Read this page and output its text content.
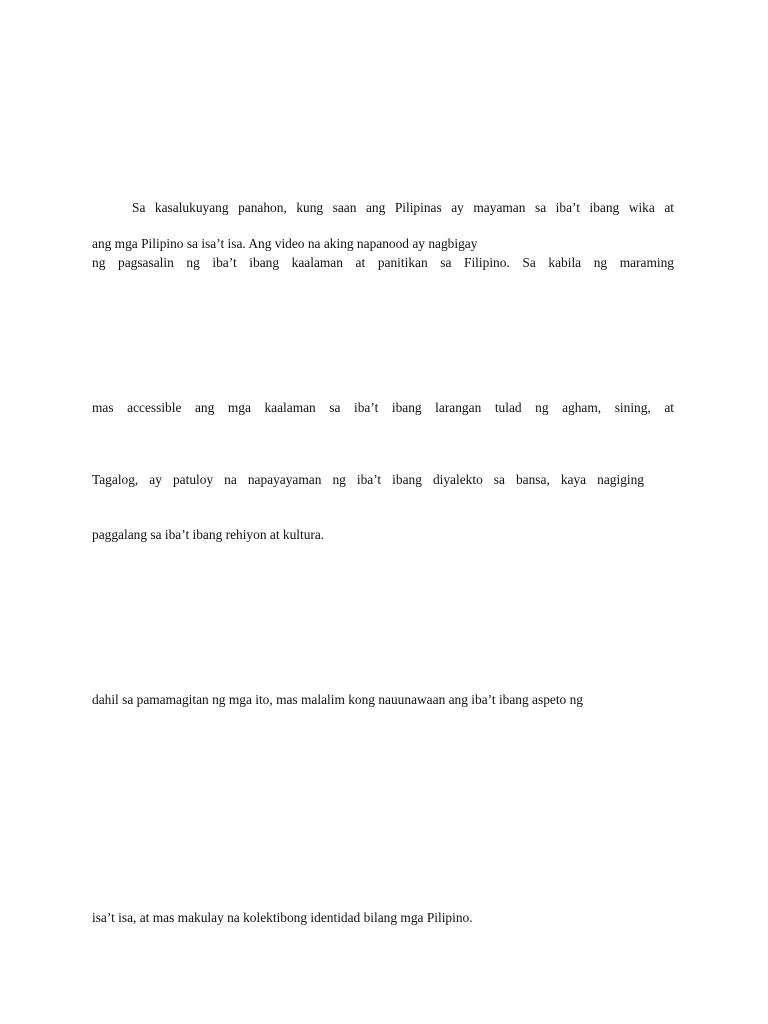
Sa kasalukuyang panahon, kung saan ang Pilipinas ay mayaman sa iba’t ibang wika at

ang mga Pilipino sa isa’t isa. Ang video na aking napanood ay nagbigay

ng pagsasalin ng iba’t ibang kaalaman at panitikan sa Filipino. Sa kabila ng maraming

mas accessible ang mga kaalaman sa iba’t ibang larangan tulad ng agham, sining, at

Tagalog, ay patuloy na napayayaman ng iba’t ibang diyalekto sa bansa, kaya nagiging

paggalang sa iba’t ibang rehiyon at kultura.

dahil sa pamamagitan ng mga ito, mas malalim kong nauunawaan ang iba’t ibang aspeto ng

isa’t isa, at mas makulay na kolektibong identidad bilang mga Pilipino.
